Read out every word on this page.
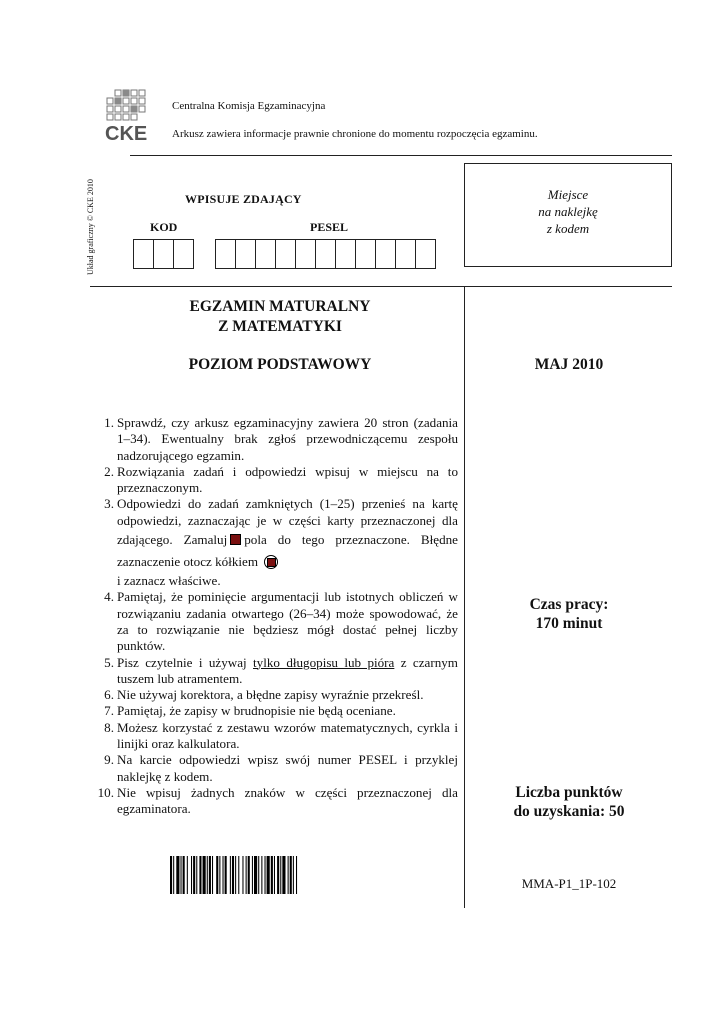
CKE
Centralna Komisja Egzaminacyjna
Arkusz zawiera informacje prawnie chronione do momentu rozpoczęcia egzaminu.
Układ graficzny © CKE 2010	WPISUJE ZDAJĄCY
KOD	PESEL
Miejsce
na naklejkę
z kodem
EGZAMIN MATURALNY
Z MATEMATYKI
POZIOM PODSTAWOWY	MAJ 2010
1. Sprawdź, czy arkusz egzaminacyjny zawiera 20 stron (zadania 1–34). Ewentualny brak zgłoś przewodniczącemu zespołu nadzorującego egzamin.
2. Rozwiązania zadań i odpowiedzi wpisuj w miejscu na to przeznaczonym.
3. Odpowiedzi do zadań zamkniętych (1–25) przenieś na kartę odpowiedzi, zaznaczając je w części karty przeznaczonej dla zdającego. Zamaluj pola do tego przeznaczone. Błędne zaznaczenie otocz kółkiem
i zaznacz właściwe.
4. Pamiętaj, że pominięcie argumentacji lub istotnych obliczeń w rozwiązaniu zadania otwartego (26–34) może spowodować, że za to rozwiązanie nie będziesz mógł dostać pełnej liczby punktów.
5. Pisz czytelnie i używaj tylko długopisu lub pióra z czarnym tuszem lub atramentem.
6. Nie używaj korektora, a błędne zapisy wyraźnie przekreśl.
7. Pamiętaj, że zapisy w brudnopisie nie będą oceniane.
8. Możesz korzystać z zestawu wzorów matematycznych, cyrkla i linijki oraz kalkulatora.
9. Na karcie odpowiedzi wpisz swój numer PESEL i przyklej naklejkę z kodem.
10. Nie wpisuj żadnych znaków w części przeznaczonej dla egzaminatora.
Czas pracy:
170 minut
Liczba punktów
do uzyskania: 50
MMA-P1_1P-102
